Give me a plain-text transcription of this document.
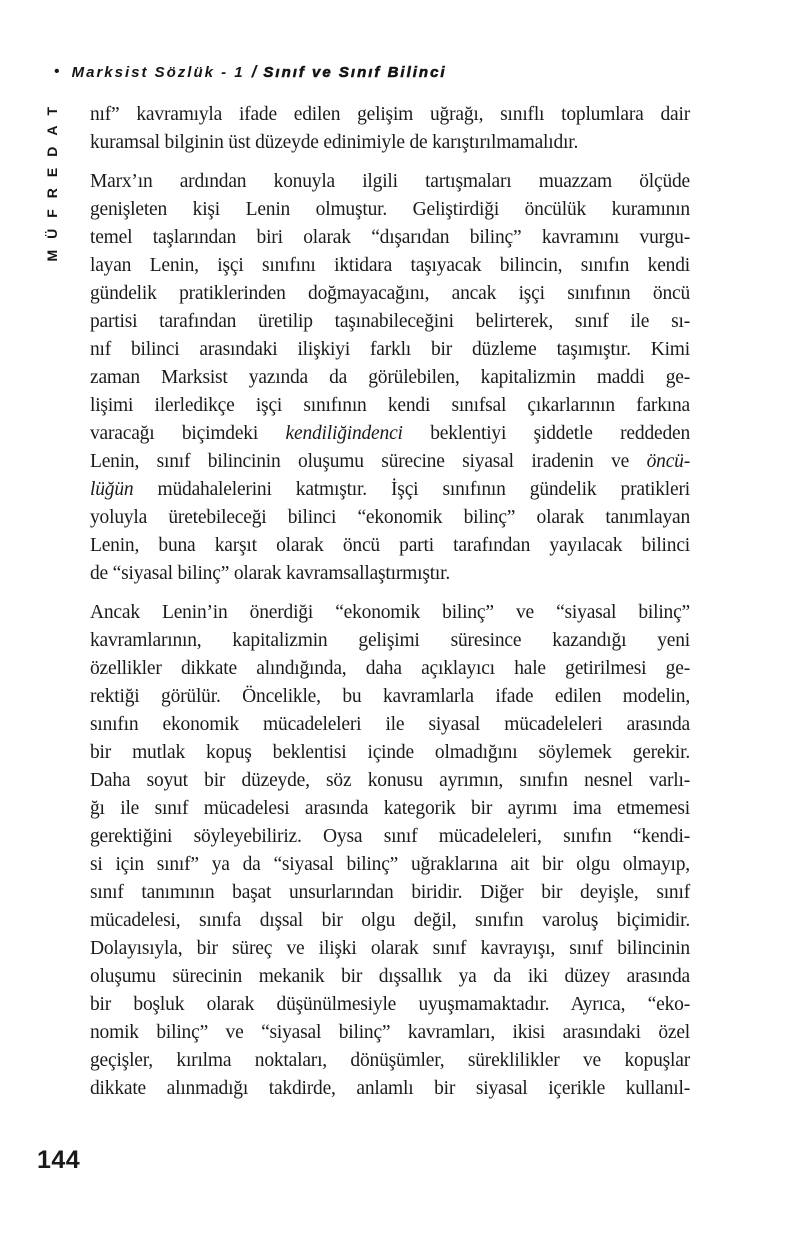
• Marksist Sözlük - 1 / Sınıf ve Sınıf Bilinci
MÜFREDAT nıf” kavramıyla ifade edilen gelişim uğrağı, sınıflı toplumlara dair
kuramsal bilginin üst düzeyde edinimiyle de karıştırılmamalıdır.
Marx’ın ardından konuyla ilgili tartışmaları muazzam ölçüde
genişleten kişi Lenin olmuştur. Geliştirdiği öncülük kuramının
temel taşlarından biri olarak “dışarıdan bilinç” kavramını vurgu-
layan Lenin, işçi sınıfını iktidara taşıyacak bilincin, sınıfın kendi
gündelik pratiklerinden doğmayacağını, ancak işçi sınıfının öncü
partisi tarafından üretilip taşınabileceğini belirterek, sınıf ile sı-
nıf bilinci arasındaki ilişkiyi farklı bir düzleme taşımıştır. Kimi
zaman Marksist yazında da görülebilen, kapitalizmin maddi ge-
lişimi ilerledikçe işçi sınıfının kendi sınıfsal çıkarlarının farkına
varacağı biçimdeki kendiliğindenci beklentiyi şiddetle reddeden
Lenin, sınıf bilincinin oluşumu sürecine siyasal iradenin ve öncü-
lüğün müdahalelerini katmıştır. İşçi sınıfının gündelik pratikleri
yoluyla üretebileceği bilinci “ekonomik bilinç” olarak tanımlayan
Lenin, buna karşıt olarak öncü parti tarafından yayılacak bilinci
de “siyasal bilinç” olarak kavramsallaştırmıştır.
Ancak Lenin’in önerdiği “ekonomik bilinç” ve “siyasal bilinç”
kavramlarının, kapitalizmin gelişimi süresince kazandığı yeni
özellikler dikkate alındığında, daha açıklayıcı hale getirilmesi ge-
rektiği görülür. Öncelikle, bu kavramlarla ifade edilen modelin,
sınıfın ekonomik mücadeleleri ile siyasal mücadeleleri arasında
bir mutlak kopuş beklentisi içinde olmadığını söylemek gerekir.
Daha soyut bir düzeyde, söz konusu ayrımın, sınıfın nesnel varlı-
ğı ile sınıf mücadelesi arasında kategorik bir ayrımı ima etmemesi
gerektiğini söyleyebiliriz. Oysa sınıf mücadeleleri, sınıfın “kendi-
si için sınıf” ya da “siyasal bilinç” uğraklarına ait bir olgu olmayıp,
sınıf tanımının başat unsurlarından biridir. Diğer bir deyişle, sınıf
mücadelesi, sınıfa dışsal bir olgu değil, sınıfın varoluş biçimidir.
Dolayısıyla, bir süreç ve ilişki olarak sınıf kavrayışı, sınıf bilincinin
oluşumu sürecinin mekanik bir dışsallık ya da iki düzey arasında
bir boşluk olarak düşünülmesiyle uyuşmamaktadır. Ayrıca, “eko-
nomik bilinç” ve “siyasal bilinç” kavramları, ikisi arasındaki özel
geçişler, kırılma noktaları, dönüşümler, süreklilikler ve kopuşlar
dikkate alınmadığı takdirde, anlamlı bir siyasal içerikle kullanıl-
144
